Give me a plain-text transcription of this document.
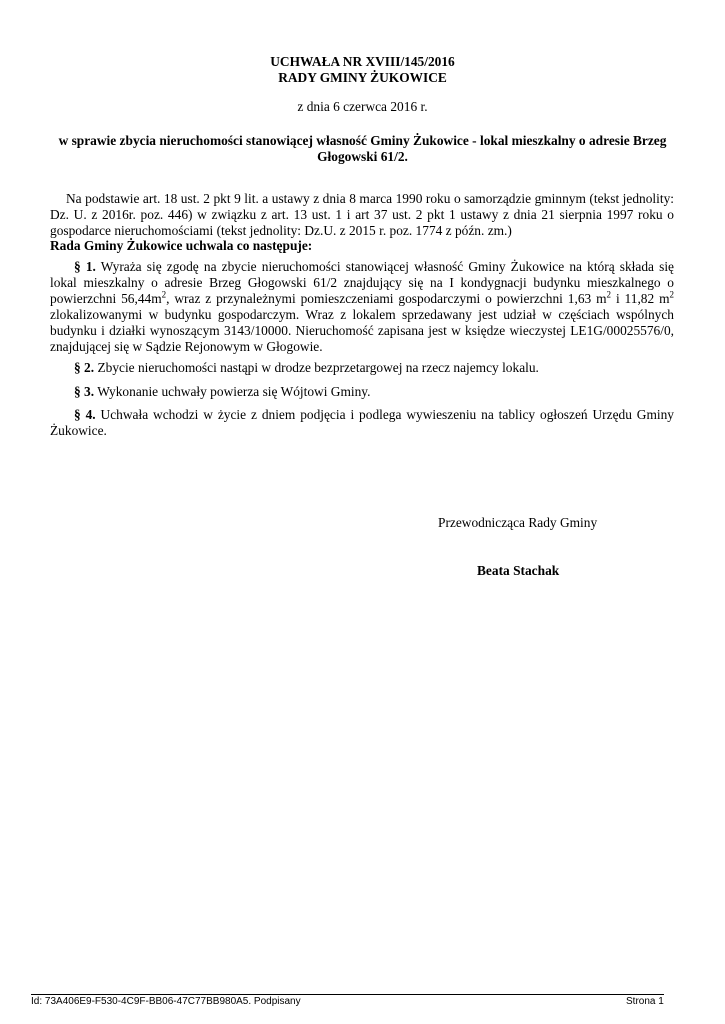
UCHWAŁA NR XVIII/145/2016
RADY GMINY ŻUKOWICE
z dnia 6 czerwca 2016 r.
w sprawie zbycia nieruchomości stanowiącej własność Gminy Żukowice - lokal mieszkalny o adresie Brzeg Głogowski 61/2.
Na podstawie art. 18 ust. 2 pkt 9 lit. a ustawy z dnia 8 marca 1990 roku o samorządzie gminnym (tekst jednolity: Dz. U. z 2016r. poz. 446) w związku z art. 13 ust. 1 i art 37 ust. 2 pkt 1 ustawy z dnia 21 sierpnia 1997 roku o gospodarce nieruchomościami (tekst jednolity: Dz.U. z 2015 r. poz. 1774 z późn. zm.)
Rada Gminy Żukowice uchwala co następuje:
§ 1. Wyraża się zgodę na zbycie nieruchomości stanowiącej własność Gminy Żukowice na którą składa się lokal mieszkalny o adresie Brzeg Głogowski 61/2 znajdujący się na I kondygnacji budynku mieszkalnego o powierzchni $56,44m^2$, wraz z przynależnymi pomieszczeniami gospodarczymi o powierzchni 1,63 $m^2$ i 11,82 $m^2$ zlokalizowanymi w budynku gospodarczym. Wraz z lokalem sprzedawany jest udział w częściach wspólnych budynku i działki wynoszącym 3143/10000. Nieruchomość zapisana jest w księdze wieczystej LE1G/00025576/0, znajdującej się w Sądzie Rejonowym w Głogowie.
§ 2. Zbycie nieruchomości nastąpi w drodze bezprzetargowej na rzecz najemcy lokalu.
§ 3. Wykonanie uchwały powierza się Wójtowi Gminy.
§ 4. Uchwała wchodzi w życie z dniem podjęcia i podlega wywieszeniu na tablicy ogłoszeń Urzędu Gminy Żukowice.
Przewodnicząca Rady Gminy
Beata Stachak
Id: 73A406E9-F530-4C9F-BB06-47C77BB980A5. Podpisany	Strona 1
